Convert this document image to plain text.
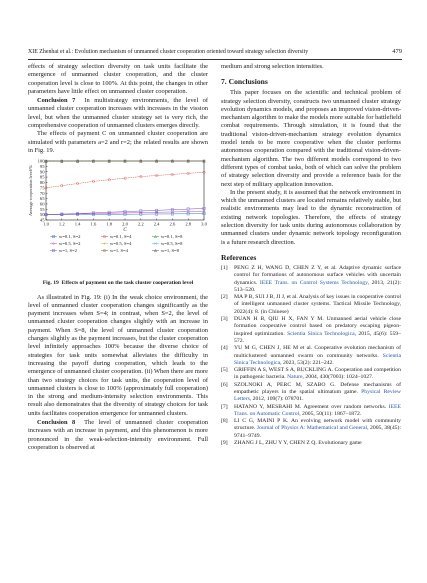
XIE Zhenhai et al.: Evolution mechanism of unmanned cluster cooperation oriented toward strategy selection diversity	479

effects of strategy selection diversity on task units facilitate the emergence of unmanned cluster cooperation, and the cluster cooperation level is close to 100%. At this point, the changes in other parameters have little effect on unmanned cluster cooperation.

Conclusion 7 In multistrategy environments, the level of unmanned cluster cooperation increases with increases in the vission level, but when the unmanned cluster strategy set is very rich, the comprehensive cooperation of unmanned clusters emerges directly.

The effects of payment C on unmanned cluster cooperation are simulated with parameters a=2 and r=2; the related results are shown in Fig. 19.

1.0 1.2 1.4 1.6 1.8 2.0 2.2 2.4 2.6 2.8 3.0
45
50
55
60
65
70
75
80
85
90
95
100
C
Average cooperation level/%
w=0.1, S=2	w=0.1, S=4	w=0.1, S=8
w=0.5, S=2	w=0.5, S=4	w=0.5, S=8
w=1, S=2	w=1, S=4	w=1, S=8
Fig. 19 Effects of payment on the task cluster cooperation level

As illustrated in Fig. 19: (i) In the weak choice environment, the level of unmanned cluster cooperation changes significantly as the payment increases when S=4; in contrast, when S=2, the level of unmanned cluster cooperation changes slightly with an increase in payment. When S=8, the level of unmanned cluster cooperation changes slightly as the payment increases, but the cluster cooperation level infinitely approaches 100% because the diverse choice of strategies for task units somewhat alleviates the difficulty in increasing the payoff during cooperation, which leads to the emergence of unmanned cluster cooperation. (ii) When there are more than two strategy choices for task units, the cooperation level of unmanned clusters is close to 100% (approximately full cooperation) in the strong and medium-intensity selection environments. This result also demonstrates that the diversity of strategy choices for task units facilitates cooperation emergence for unmanned clusters.

Conclusion 8 The level of unmanned cluster cooperation increases with an increase in payment, and this phenomenon is more pronounced in the weak-selection-intensity environment. Full cooperation is observed at

medium and strong selection intensities.

7. Conclusions

This paper focuses on the scientific and technical problem of strategy selection diversity, constructs two unmanned cluster strategy evolution dynamics models, and proposes an improved vision-driven-mechanism algorithm to make the models more suitable for battlefield combat requirements. Through simulation, it is found that the traditional vision-driven-mechanism strategy evolution dynamics model tends to be more cooperative when the cluster performs autonomous cooperation compared with the traditional vision-driven-mechanism algorithm. The two different models correspond to two different types of combat tasks, both of which can solve the problem of strategy selection diversity and provide a reference basis for the next step of military application innovation.

In the present study, it is assumed that the network environment in which the unmanned clusters are located remains relatively stable, but realistic environments may lead to the dynamic reconstruction of existing network topologies. Therefore, the effects of strategy selection diversity for task units during autonomous collaboration by unmanned clusters under dynamic network topology reconfiguration is a future research direction.

References
[1] PENG Z H, WANG D, CHEN Z Y, et al. Adaptive dynamic surface control for formations of autonomous surface vehicles with uncertain dynamics. IEEE Trans. on Control Systems Technology, 2013, 21(2): 513–520.
[2] MA P B, SUI J B, JI J, et al. Analysis of key issues in cooperative control of intelligent unmanned cluster systems. Tactical Missile Technology, 2022(4): 8. (in Chinese)
[3] DUAN H B, QIU H X, FAN Y M. Unmanned aerial vehicle close formation cooperative control based on predatory escaping pigeon-inspired optimization. Scientia Sinica Technologica, 2015, 45(6): 559–572.
[4] YU M G, CHEN J, HE M et al. Cooperative evolution mechanism of multiclustered unmanned swarm on community networks. Scientia Sinica Technologica, 2023, 53(2): 221–242.
[5] GRIFFIN A S, WEST S A, BUCKLING A. Cooperation and competition in pathogenic bacteria. Nature, 2004, 430(7003): 1024–1027.
[6] SZOLNOKI A, PERC M, SZABO G. Defense mechanisms of empathetic players in the spatial ultimatum game. Physical Review Letters, 2012, 109(7): 078701.
[7] HATANO Y, MESBAHI M. Agreement over random networks. IEEE Trans. on Automatic Control, 2005, 50(11): 1867–1872.
[8] LI C G, MAINI P K. An evolving network model with community structure. Journal of Physics A: Mathematical and General, 2005, 38(45): 9741–9749.
[9] ZHANG J L, ZHU Y Y, CHEN Z Q. Evolutionary game
